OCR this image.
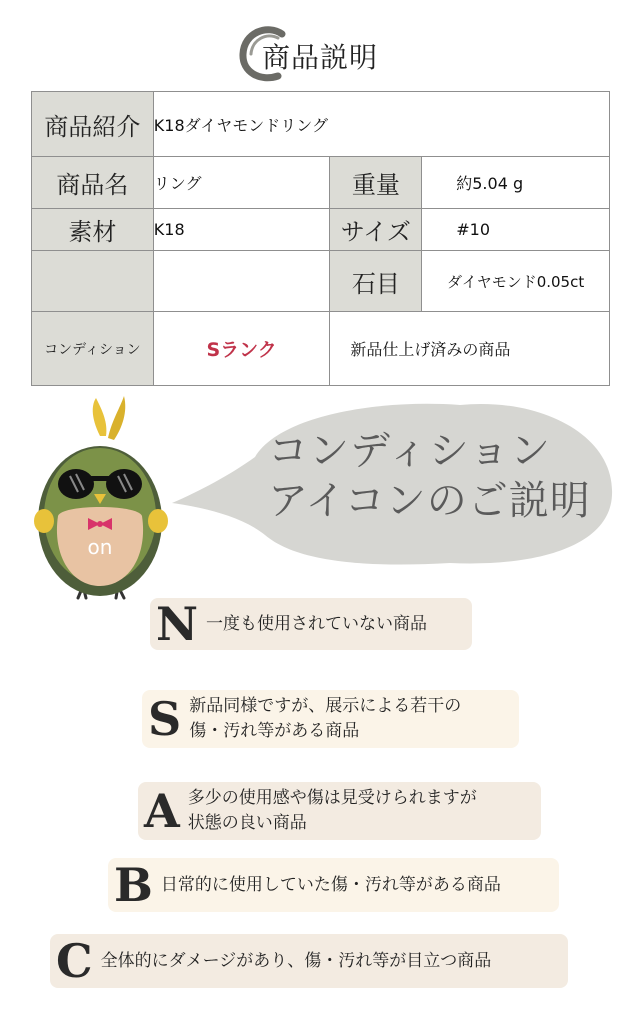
商品説明
商品紹介	K18ダイヤモンドリング		
商品名	リング	重量	約5.04 g
素材	K18	サイズ	#10
		石目	ダイヤモンド0.05ct
コンディション	Sランク	新品仕上げ済みの商品	
コンディション
アイコンのご説明
on
N 一度も使用されていない商品
S 新品同様ですが、展示による若干の
傷・汚れ等がある商品
A 多少の使用感や傷は見受けられますが
状態の良い商品
B 日常的に使用していた傷・汚れ等がある商品
C 全体的にダメージがあり、傷・汚れ等が目立つ商品
